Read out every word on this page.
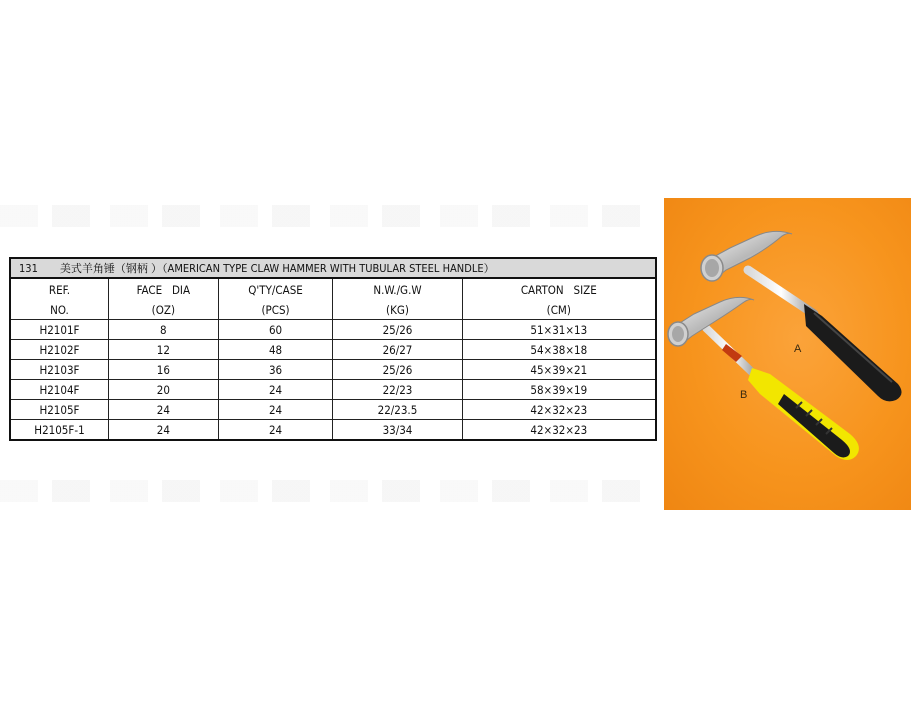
131 美式羊角锤（钢柄 ）（AMERICAN TYPE CLAW HAMMER WITH TUBULAR STEEL HANDLE）				
REF.	FACE   DIA	Q'TY/CASE	N.W./G.W	CARTON   SIZE
NO.	(OZ)	(PCS)	(KG)	(CM)
H2101F	8	60	25/26	51×31×13
H2102F	12	48	26/27	54×38×18
H2103F	16	36	25/26	45×39×21
H2104F	20	24	22/23	58×39×19
H2105F	24	24	22/23.5	42×32×23
H2105F-1	24	24	33/34	42×32×23
A
B
